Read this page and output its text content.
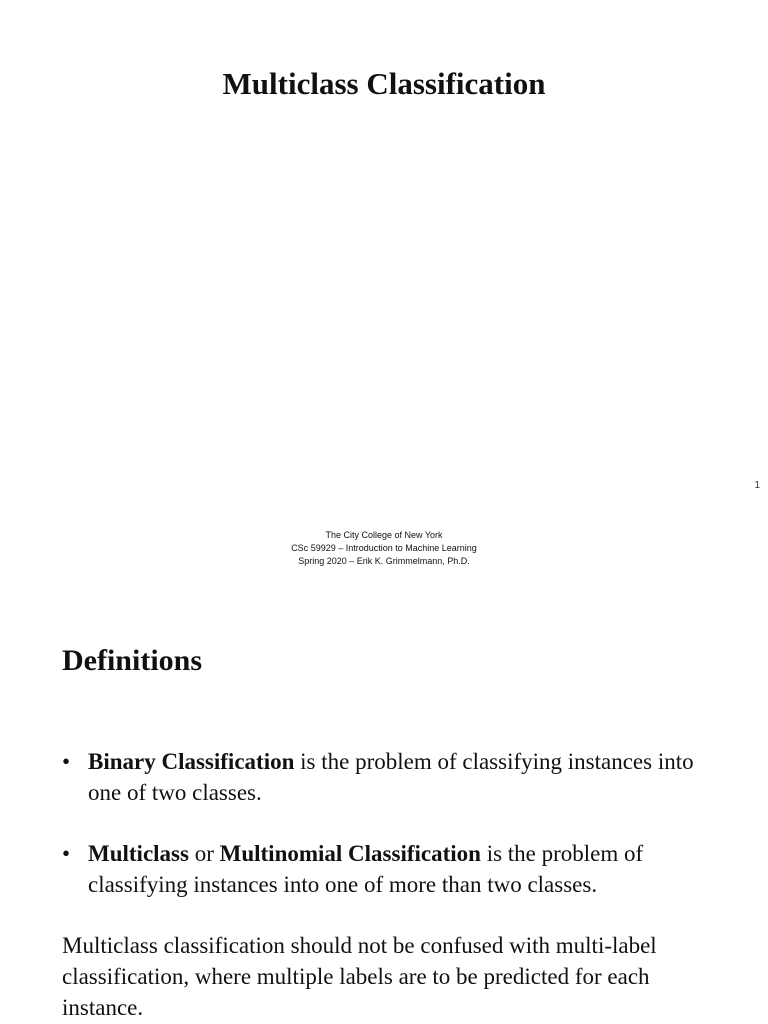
Multiclass Classification
1
The City College of New York
CSc 59929 – Introduction to Machine Learning
Spring 2020 – Erik K. Grimmelmann, Ph.D.
Definitions
• Binary Classification is the problem of classifying instances into one of two classes.
• Multiclass or Multinomial Classification is the problem of classifying instances into one of more than two classes.
Multiclass classification should not be confused with multi-label classification, where multiple labels are to be predicted for each instance.
